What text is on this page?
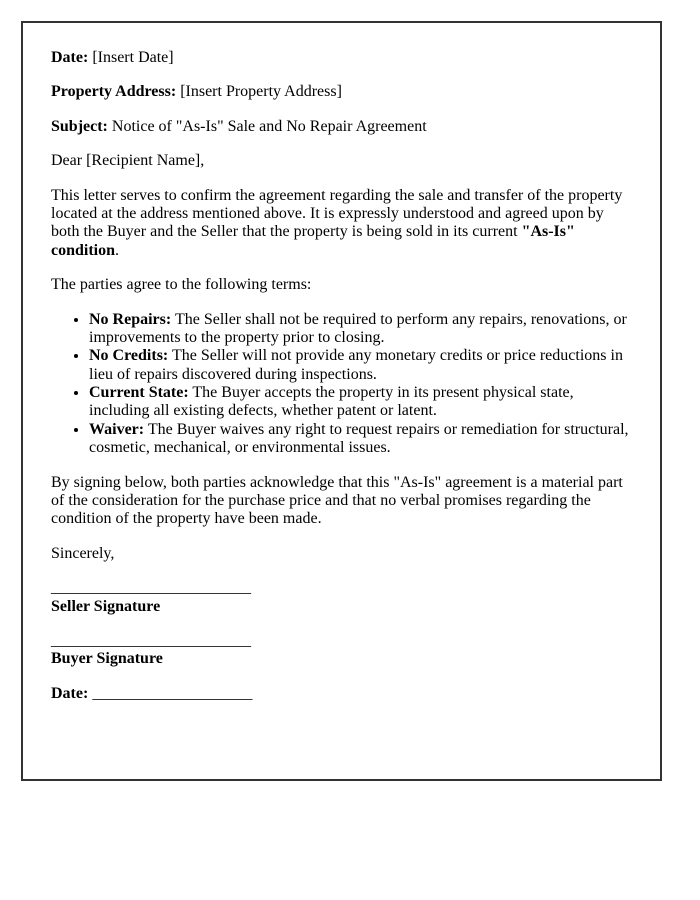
Date: [Insert Date]

Property Address: [Insert Property Address]

Subject: Notice of "As-Is" Sale and No Repair Agreement

Dear [Recipient Name],

This letter serves to confirm the agreement regarding the sale and transfer of the property located at the address mentioned above. It is expressly understood and agreed upon by both the Buyer and the Seller that the property is being sold in its current "As-Is" condition.

The parties agree to the following terms:

• No Repairs: The Seller shall not be required to perform any repairs, renovations, or improvements to the property prior to closing.
• No Credits: The Seller will not provide any monetary credits or price reductions in lieu of repairs discovered during inspections.
• Current State: The Buyer accepts the property in its present physical state, including all existing defects, whether patent or latent.
• Waiver: The Buyer waives any right to request repairs or remediation for structural, cosmetic, mechanical, or environmental issues.

By signing below, both parties acknowledge that this "As-Is" agreement is a material part of the consideration for the purchase price and that no verbal promises regarding the condition of the property have been made.

Sincerely,

_________________________
Seller Signature

_________________________
Buyer Signature

Date: ____________________
